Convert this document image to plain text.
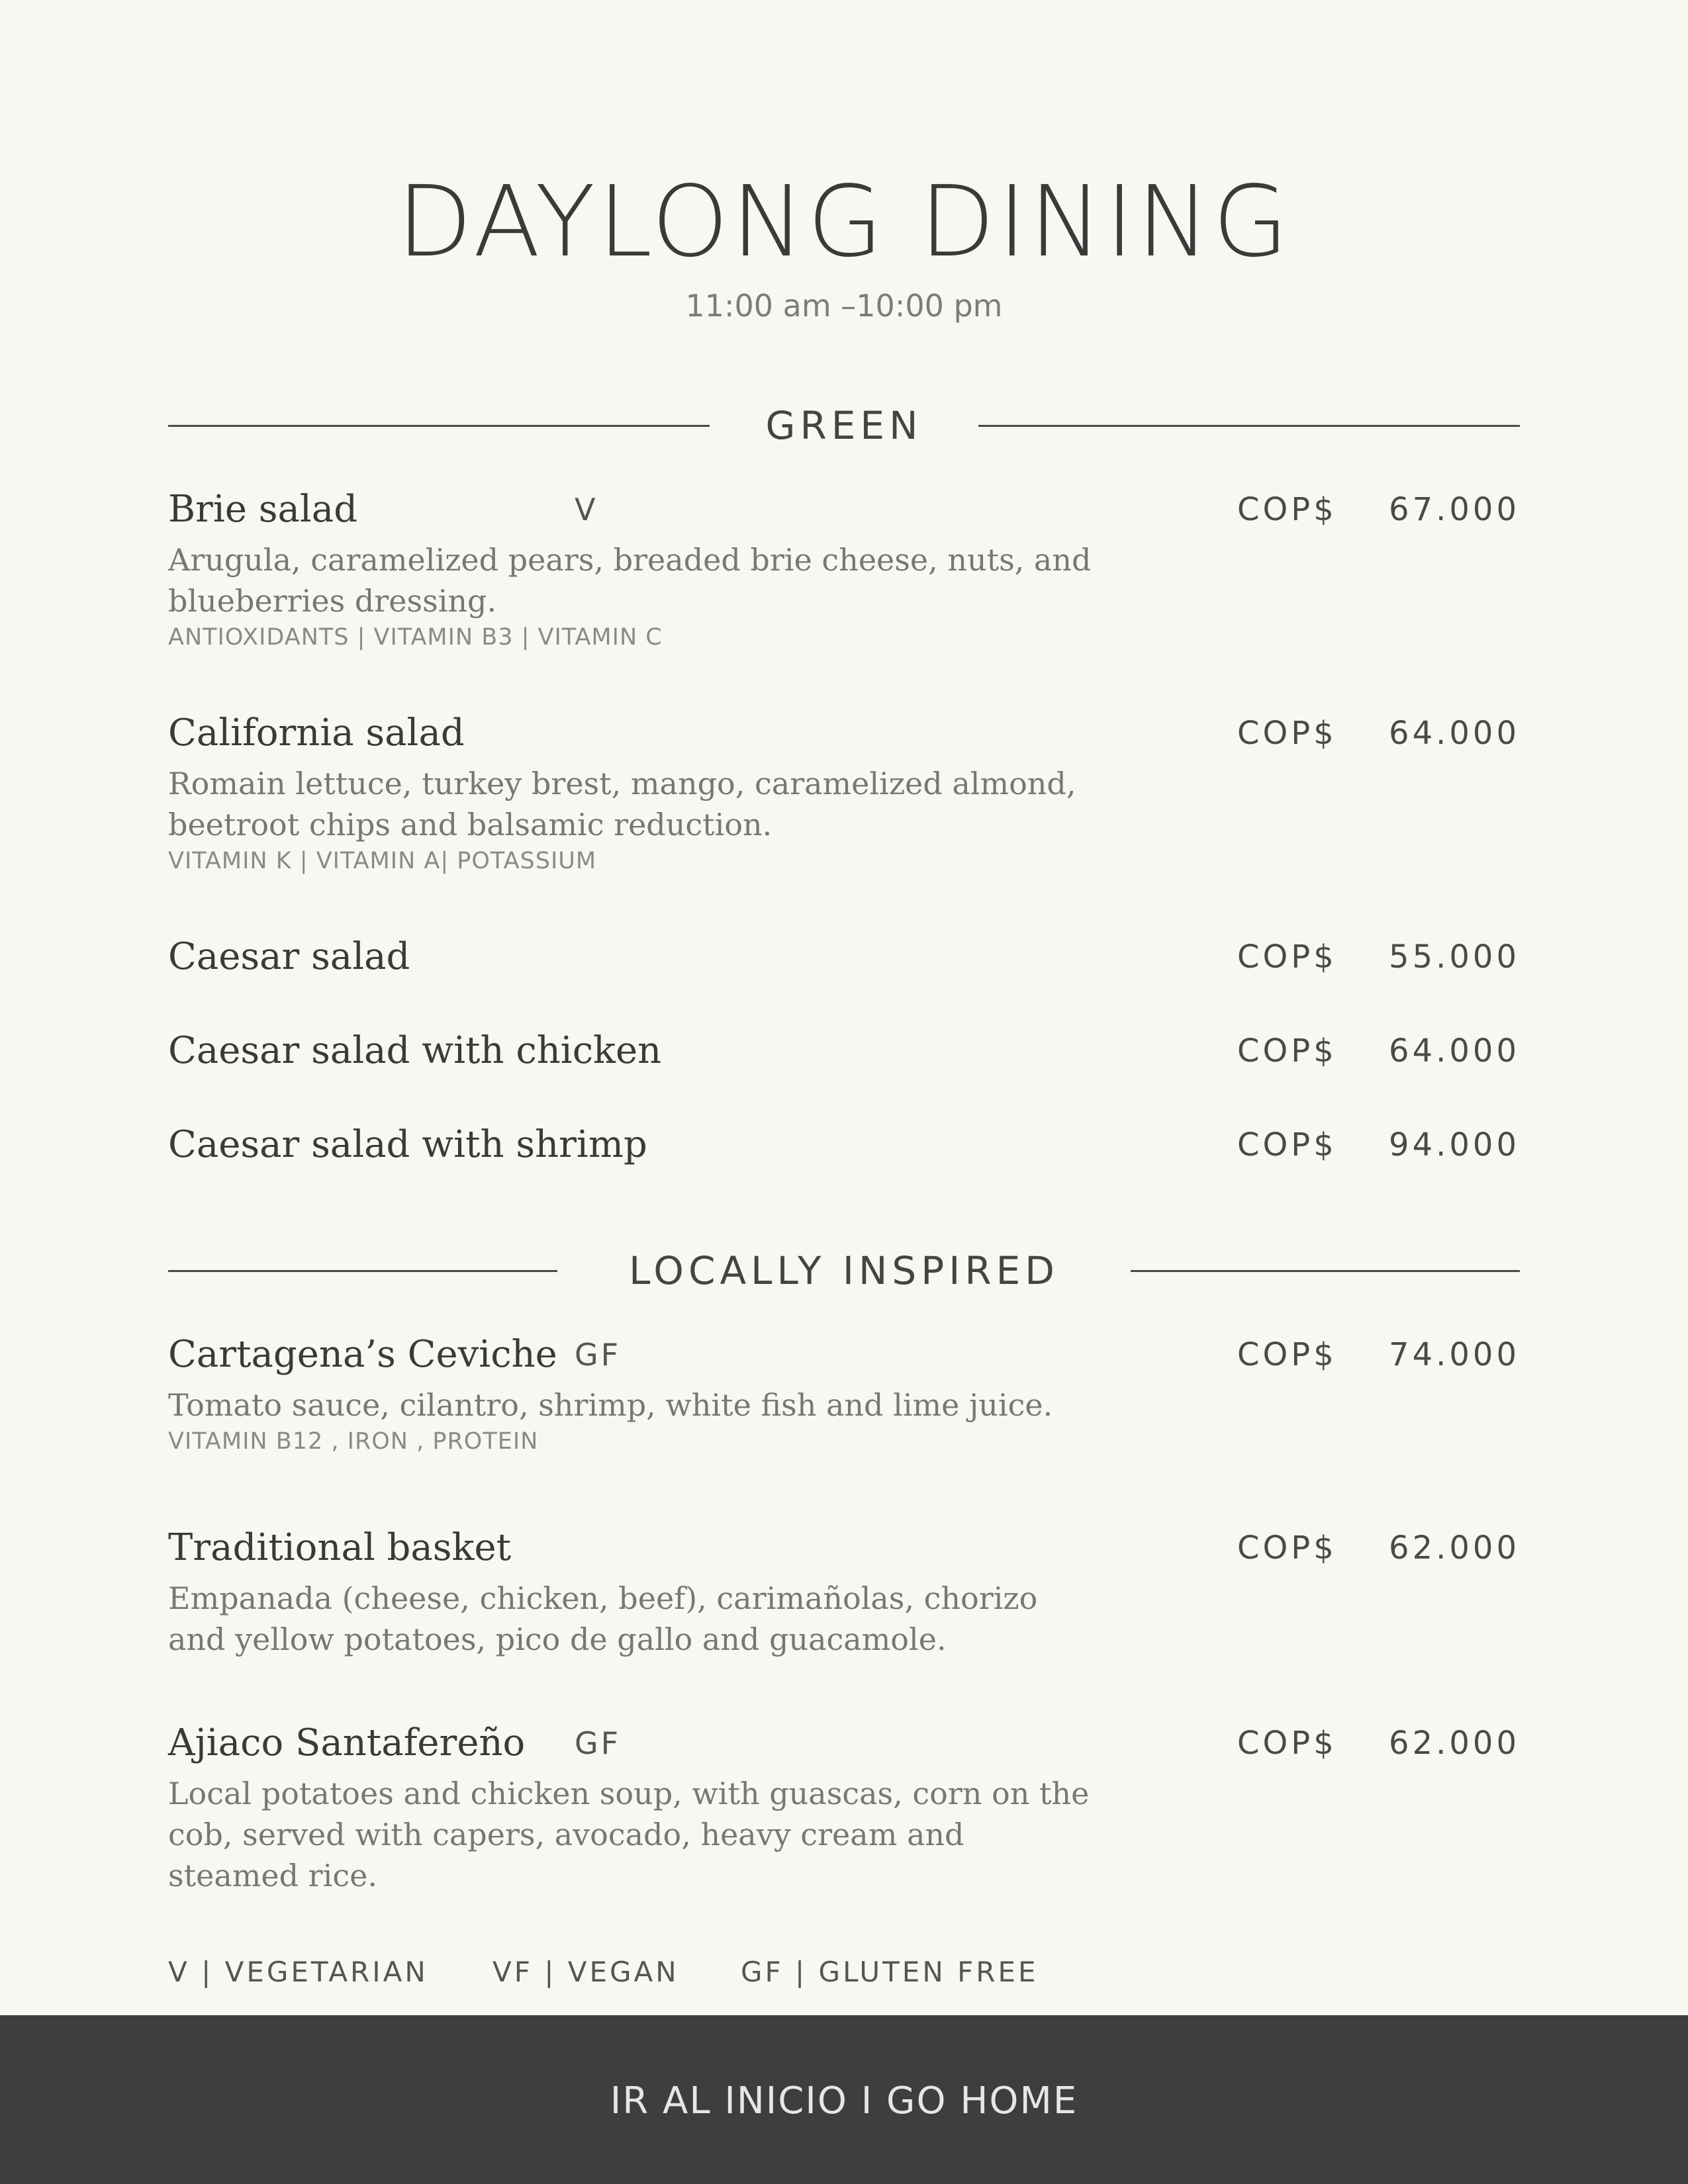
DAYLONG DINING
11:00 am –10:00 pm
GREEN
Brie salad	V	COP$ 67.000
Arugula, caramelized pears, breaded brie cheese, nuts, and blueberries dressing.
ANTIOXIDANTS | VITAMIN B3 | VITAMIN C
California salad	COP$ 64.000
Romain lettuce, turkey brest, mango, caramelized almond, beetroot chips and balsamic reduction.
VITAMIN K | VITAMIN A| POTASSIUM
Caesar salad	COP$ 55.000
Caesar salad with chicken	COP$ 64.000
Caesar salad with shrimp	COP$ 94.000
LOCALLY INSPIRED
Cartagena’s Ceviche GF	COP$ 74.000
Tomato sauce, cilantro, shrimp, white fish and lime juice.
VITAMIN B12 , IRON , PROTEIN
Traditional basket	COP$ 62.000
Empanada (cheese, chicken, beef), carimañolas, chorizo and yellow potatoes, pico de gallo and guacamole.
Ajiaco Santafereño GF	COP$ 62.000
Local potatoes and chicken soup, with guascas, corn on the cob, served with capers, avocado, heavy cream and steamed rice.
V | VEGETARIAN VF | VEGAN GF | GLUTEN FREE
IR AL INICIO I GO HOME
